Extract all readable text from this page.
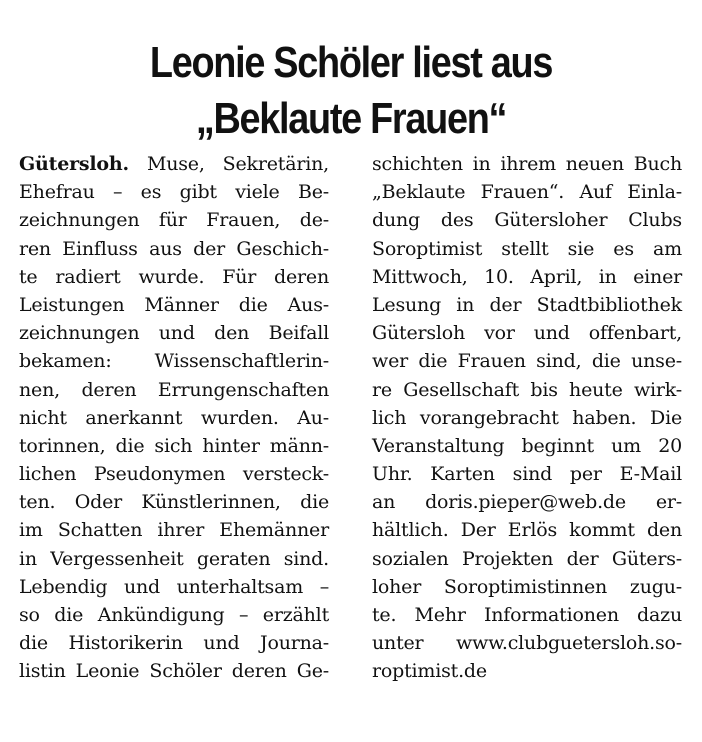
Leonie Schöler liest aus
„Beklaute Frauen“
Gütersloh. Muse, Sekretärin,
Ehefrau – es gibt viele Be-
zeichnungen für Frauen, de-
ren Einfluss aus der Geschich-
te radiert wurde. Für deren
Leistungen Männer die Aus-
zeichnungen und den Beifall
bekamen: Wissenschaftlerin-
nen, deren Errungenschaften
nicht anerkannt wurden. Au-
torinnen, die sich hinter männ-
lichen Pseudonymen versteck-
ten. Oder Künstlerinnen, die
im Schatten ihrer Ehemänner
in Vergessenheit geraten sind.
Lebendig und unterhaltsam –
so die Ankündigung – erzählt
die Historikerin und Journa-
listin Leonie Schöler deren Ge-
schichten in ihrem neuen Buch
„Beklaute Frauen“. Auf Einla-
dung des Gütersloher Clubs
Soroptimist stellt sie es am
Mittwoch, 10. April, in einer
Lesung in der Stadtbibliothek
Gütersloh vor und offenbart,
wer die Frauen sind, die unse-
re Gesellschaft bis heute wirk-
lich vorangebracht haben. Die
Veranstaltung beginnt um 20
Uhr. Karten sind per E-Mail
an doris.pieper@web.de er-
hältlich. Der Erlös kommt den
sozialen Projekten der Güters-
loher Soroptimistinnen zugu-
te. Mehr Informationen dazu
unter www.clubguetersloh.so-
roptimist.de
